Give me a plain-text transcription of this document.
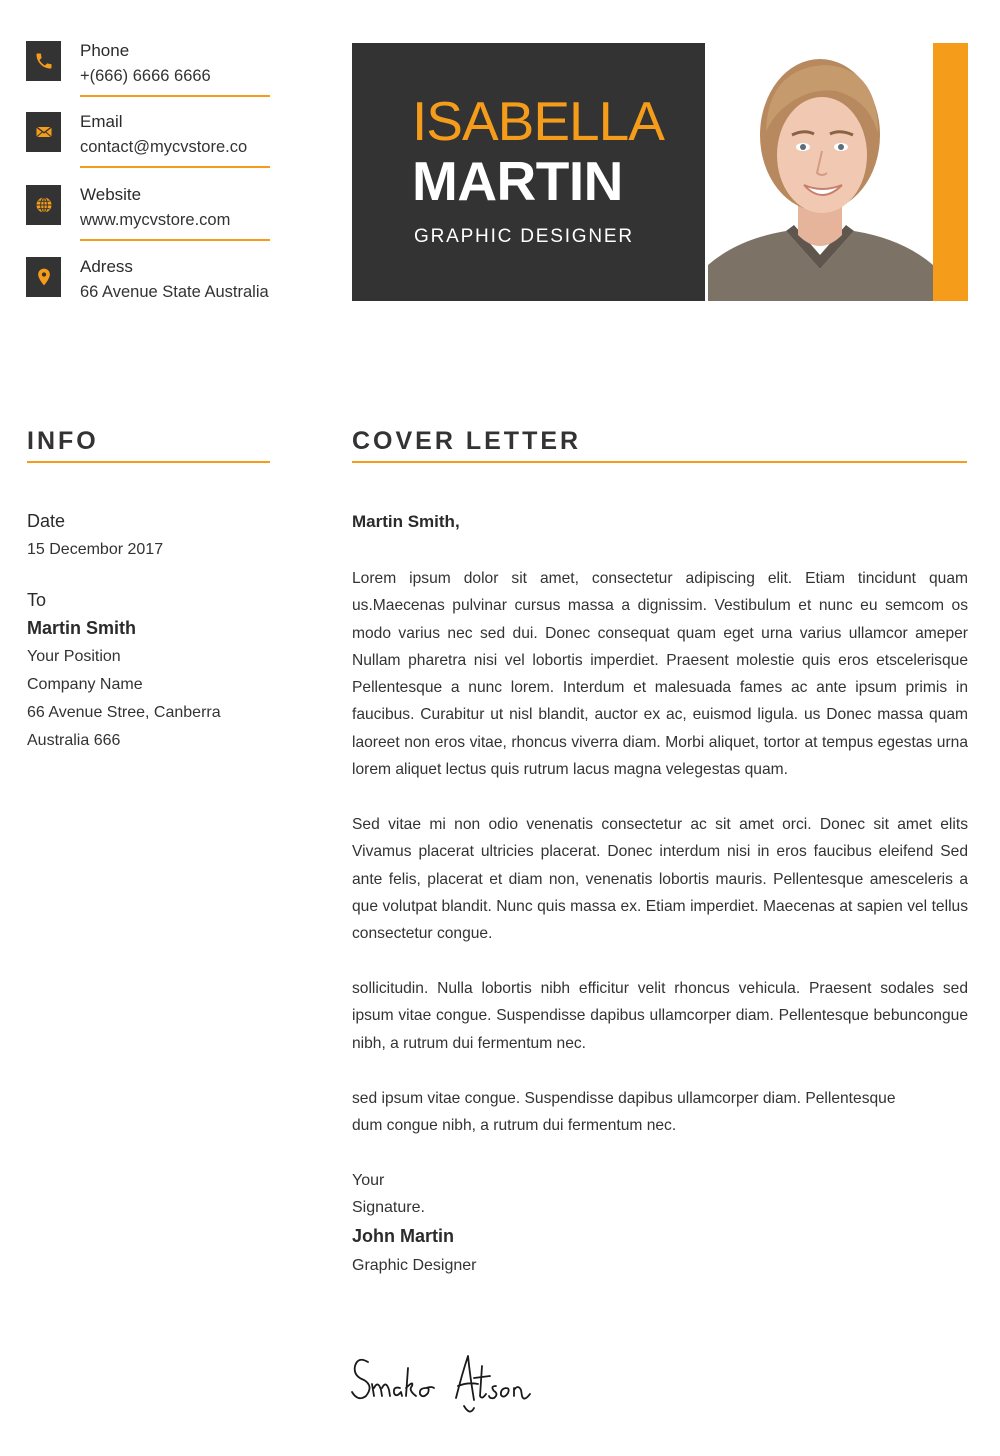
Phone
+(666) 6666 6666
Email
contact@mycvstore.co
Website
www.mycvstore.com
Adress
66 Avenue State Australia
ISABELLA
MARTIN
GRAPHIC DESIGNER
INFO	COVER LETTER
Date
15 Decembor 2017
To
Martin Smith
Your Position
Company Name
66 Avenue Stree, Canberra
Australia 666
Martin Smith,
Lorem ipsum dolor sit amet, consectetur adipiscing elit. Etiam tincidunt quam us.Maecenas pulvinar cursus massa a dignissim. Vestibulum et nunc eu semcom os modo varius nec sed dui. Donec consequat quam eget urna varius ullamcor ameper Nullam pharetra nisi vel lobortis imperdiet. Praesent molestie quis eros etscelerisque Pellentesque a nunc lorem. Interdum et malesuada fames ac ante ipsum primis in faucibus. Curabitur ut nisl blandit, auctor ex ac, euismod ligula. us Donec massa quam laoreet non eros vitae, rhoncus viverra diam. Morbi aliquet, tortor at tempus egestas urna lorem aliquet lectus quis rutrum lacus magna velegestas quam.
Sed vitae mi non odio venenatis consectetur ac sit amet orci. Donec sit amet elits Vivamus placerat ultricies placerat. Donec interdum nisi in eros faucibus eleifend Sed ante felis, placerat et diam non, venenatis lobortis mauris. Pellentesque amesceleris a que volutpat blandit. Nunc quis massa ex. Etiam imperdiet. Maecenas at sapien vel tellus consectetur congue.
sollicitudin. Nulla lobortis nibh efficitur velit rhoncus vehicula. Praesent sodales sed ipsum vitae congue. Suspendisse dapibus ullamcorper diam. Pellentesque bebuncongue nibh, a rutrum dui fermentum nec.
sed ipsum vitae congue. Suspendisse dapibus ullamcorper diam. Pellentesque dum congue nibh, a rutrum dui fermentum nec.
Your
Signature.
John Martin
Graphic Designer
